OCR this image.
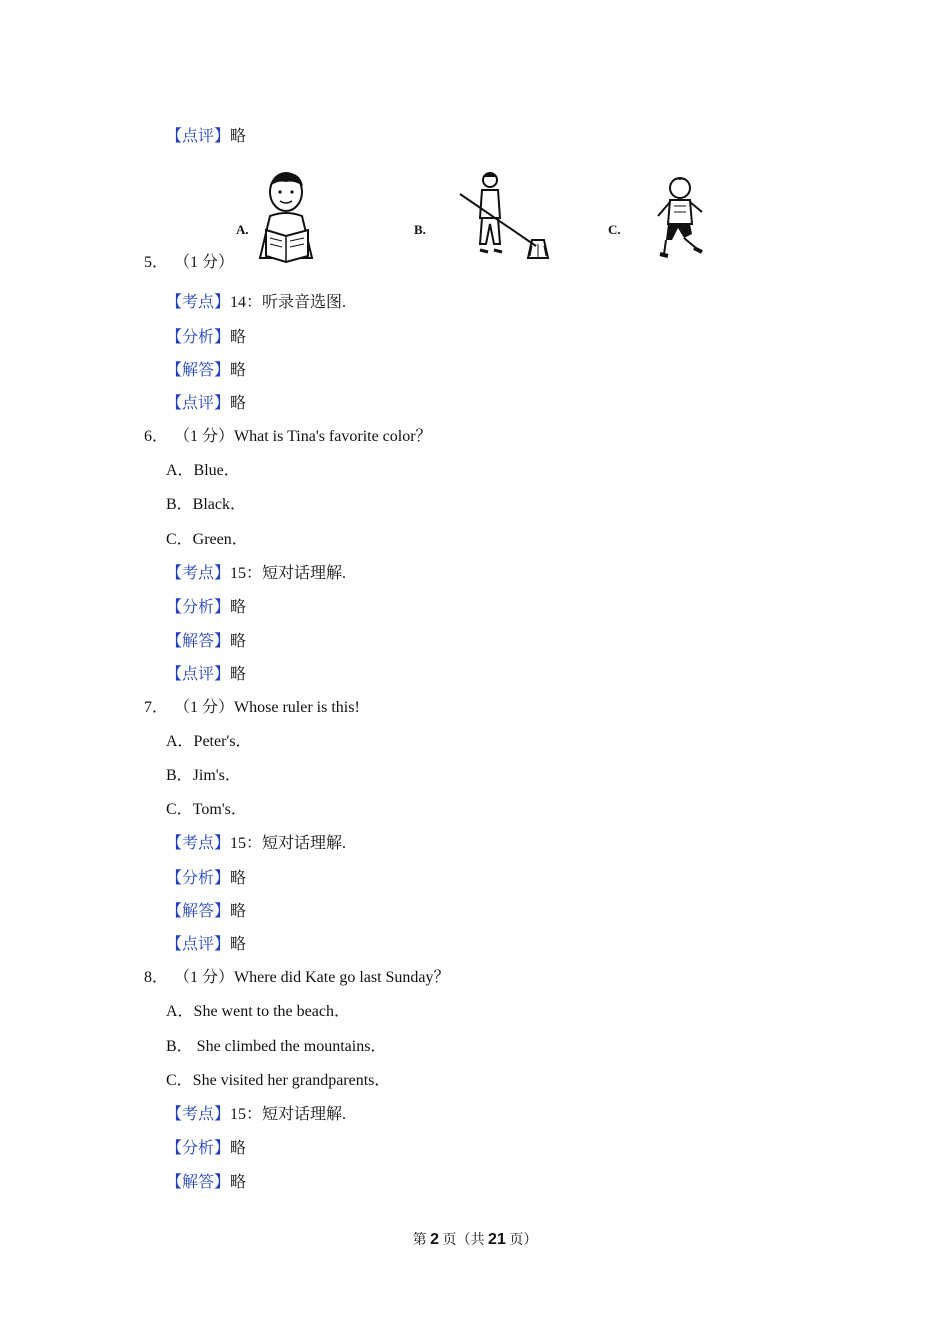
【点评】略
A.	B.	C.
5． （1 分）
【考点】14：听录音选图.
【分析】略
【解答】略
【点评】略
6． （1 分）What is Tina's favorite color？
A．Blue．
B．Black．
C．Green．
【考点】15：短对话理解.
【分析】略
【解答】略
【点评】略
7． （1 分）Whose ruler is this!
A．Peter's．
B．Jim's．
C．Tom's．
【考点】15：短对话理解.
【分析】略
【解答】略
【点评】略
8． （1 分）Where did Kate go last Sunday？
A．She went to the beach．
B． She climbed the mountains．
C．She visited her grandparents．
【考点】15：短对话理解.
【分析】略
【解答】略
第 2 页（共 21 页）
